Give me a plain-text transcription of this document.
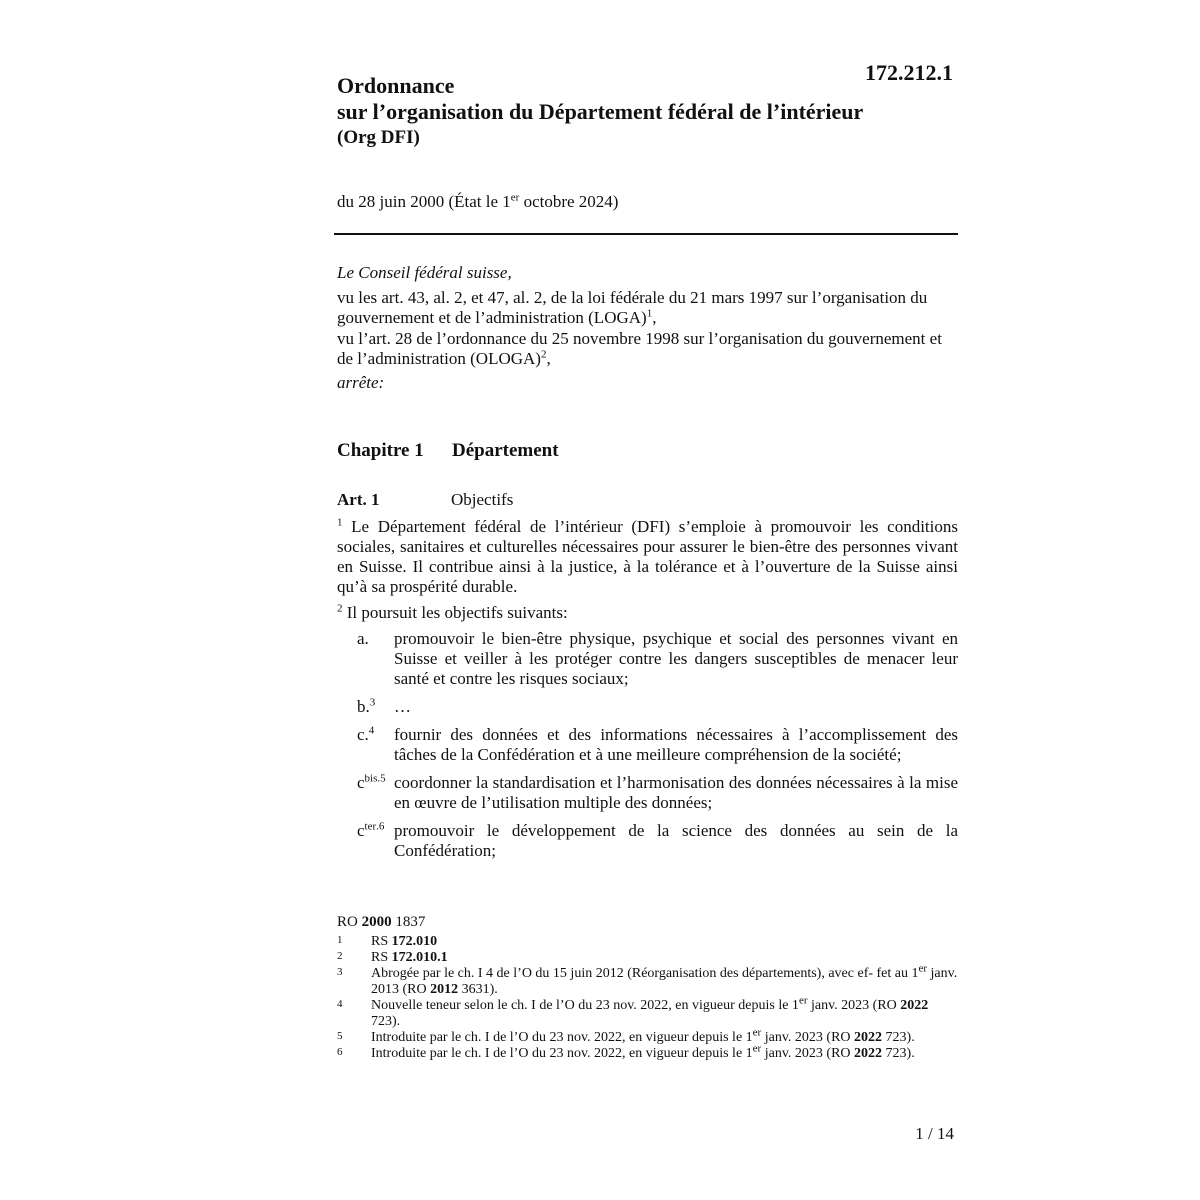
172.212.1
Ordonnance
sur l’organisation du Département fédéral de l’intérieur
(Org DFI)
du 28 juin 2000 (État le 1er octobre 2024)

Le Conseil fédéral suisse,

vu les art. 43, al. 2, et 47, al. 2, de la loi fédérale du 21 mars 1997 sur l’organisation du gouvernement et de l’administration (LOGA)$^1$,

vu l’art. 28 de l’ordonnance du 25 novembre 1998 sur l’organisation du gouvernement et de l’administration (OLOGA)$^2$,

arrête:

Chapitre 1 Département
Art. 1	Objectifs

$^1$ Le Département fédéral de l’intérieur (DFI) s’emploie à promouvoir les conditions sociales, sanitaires et culturelles nécessaires pour assurer le bien-être des personnes vivant en Suisse. Il contribue ainsi à la justice, à la tolérance et à l’ouverture de la Suisse ainsi qu’à sa prospérité durable.

$^2$ Il poursuit les objectifs suivants:

a. promouvoir le bien-être physique, psychique et social des personnes vivant en Suisse et veiller à les protéger contre les dangers susceptibles de menacer leur santé et contre les risques sociaux;
b.$^3$ …
c.$^4$ fournir des données et des informations nécessaires à l’accomplissement des tâches de la Confédération et à une meilleure compréhension de la société;
$c^{bis.5}$ coordonner la standardisation et l’harmonisation des données nécessaires à la mise en œuvre de l’utilisation multiple des données;
$c^{ter.6}$ promouvoir le développement de la science des données au sein de la Confédération;
RO 2000 1837

1 RS 172.010

2 RS 172.010.1

3 Abrogée par le ch. I 4 de l’O du 15 juin 2012 (Réorganisation des départements), avec ef- fet au 1er janv. 2013 (RO 2012 3631).

4 Nouvelle teneur selon le ch. I de l’O du 23 nov. 2022, en vigueur depuis le 1er janv. 2023 (RO 2022 723).

5 Introduite par le ch. I de l’O du 23 nov. 2022, en vigueur depuis le 1er janv. 2023 (RO 2022 723).

6 Introduite par le ch. I de l’O du 23 nov. 2022, en vigueur depuis le 1er janv. 2023 (RO 2022 723).

1 / 14
